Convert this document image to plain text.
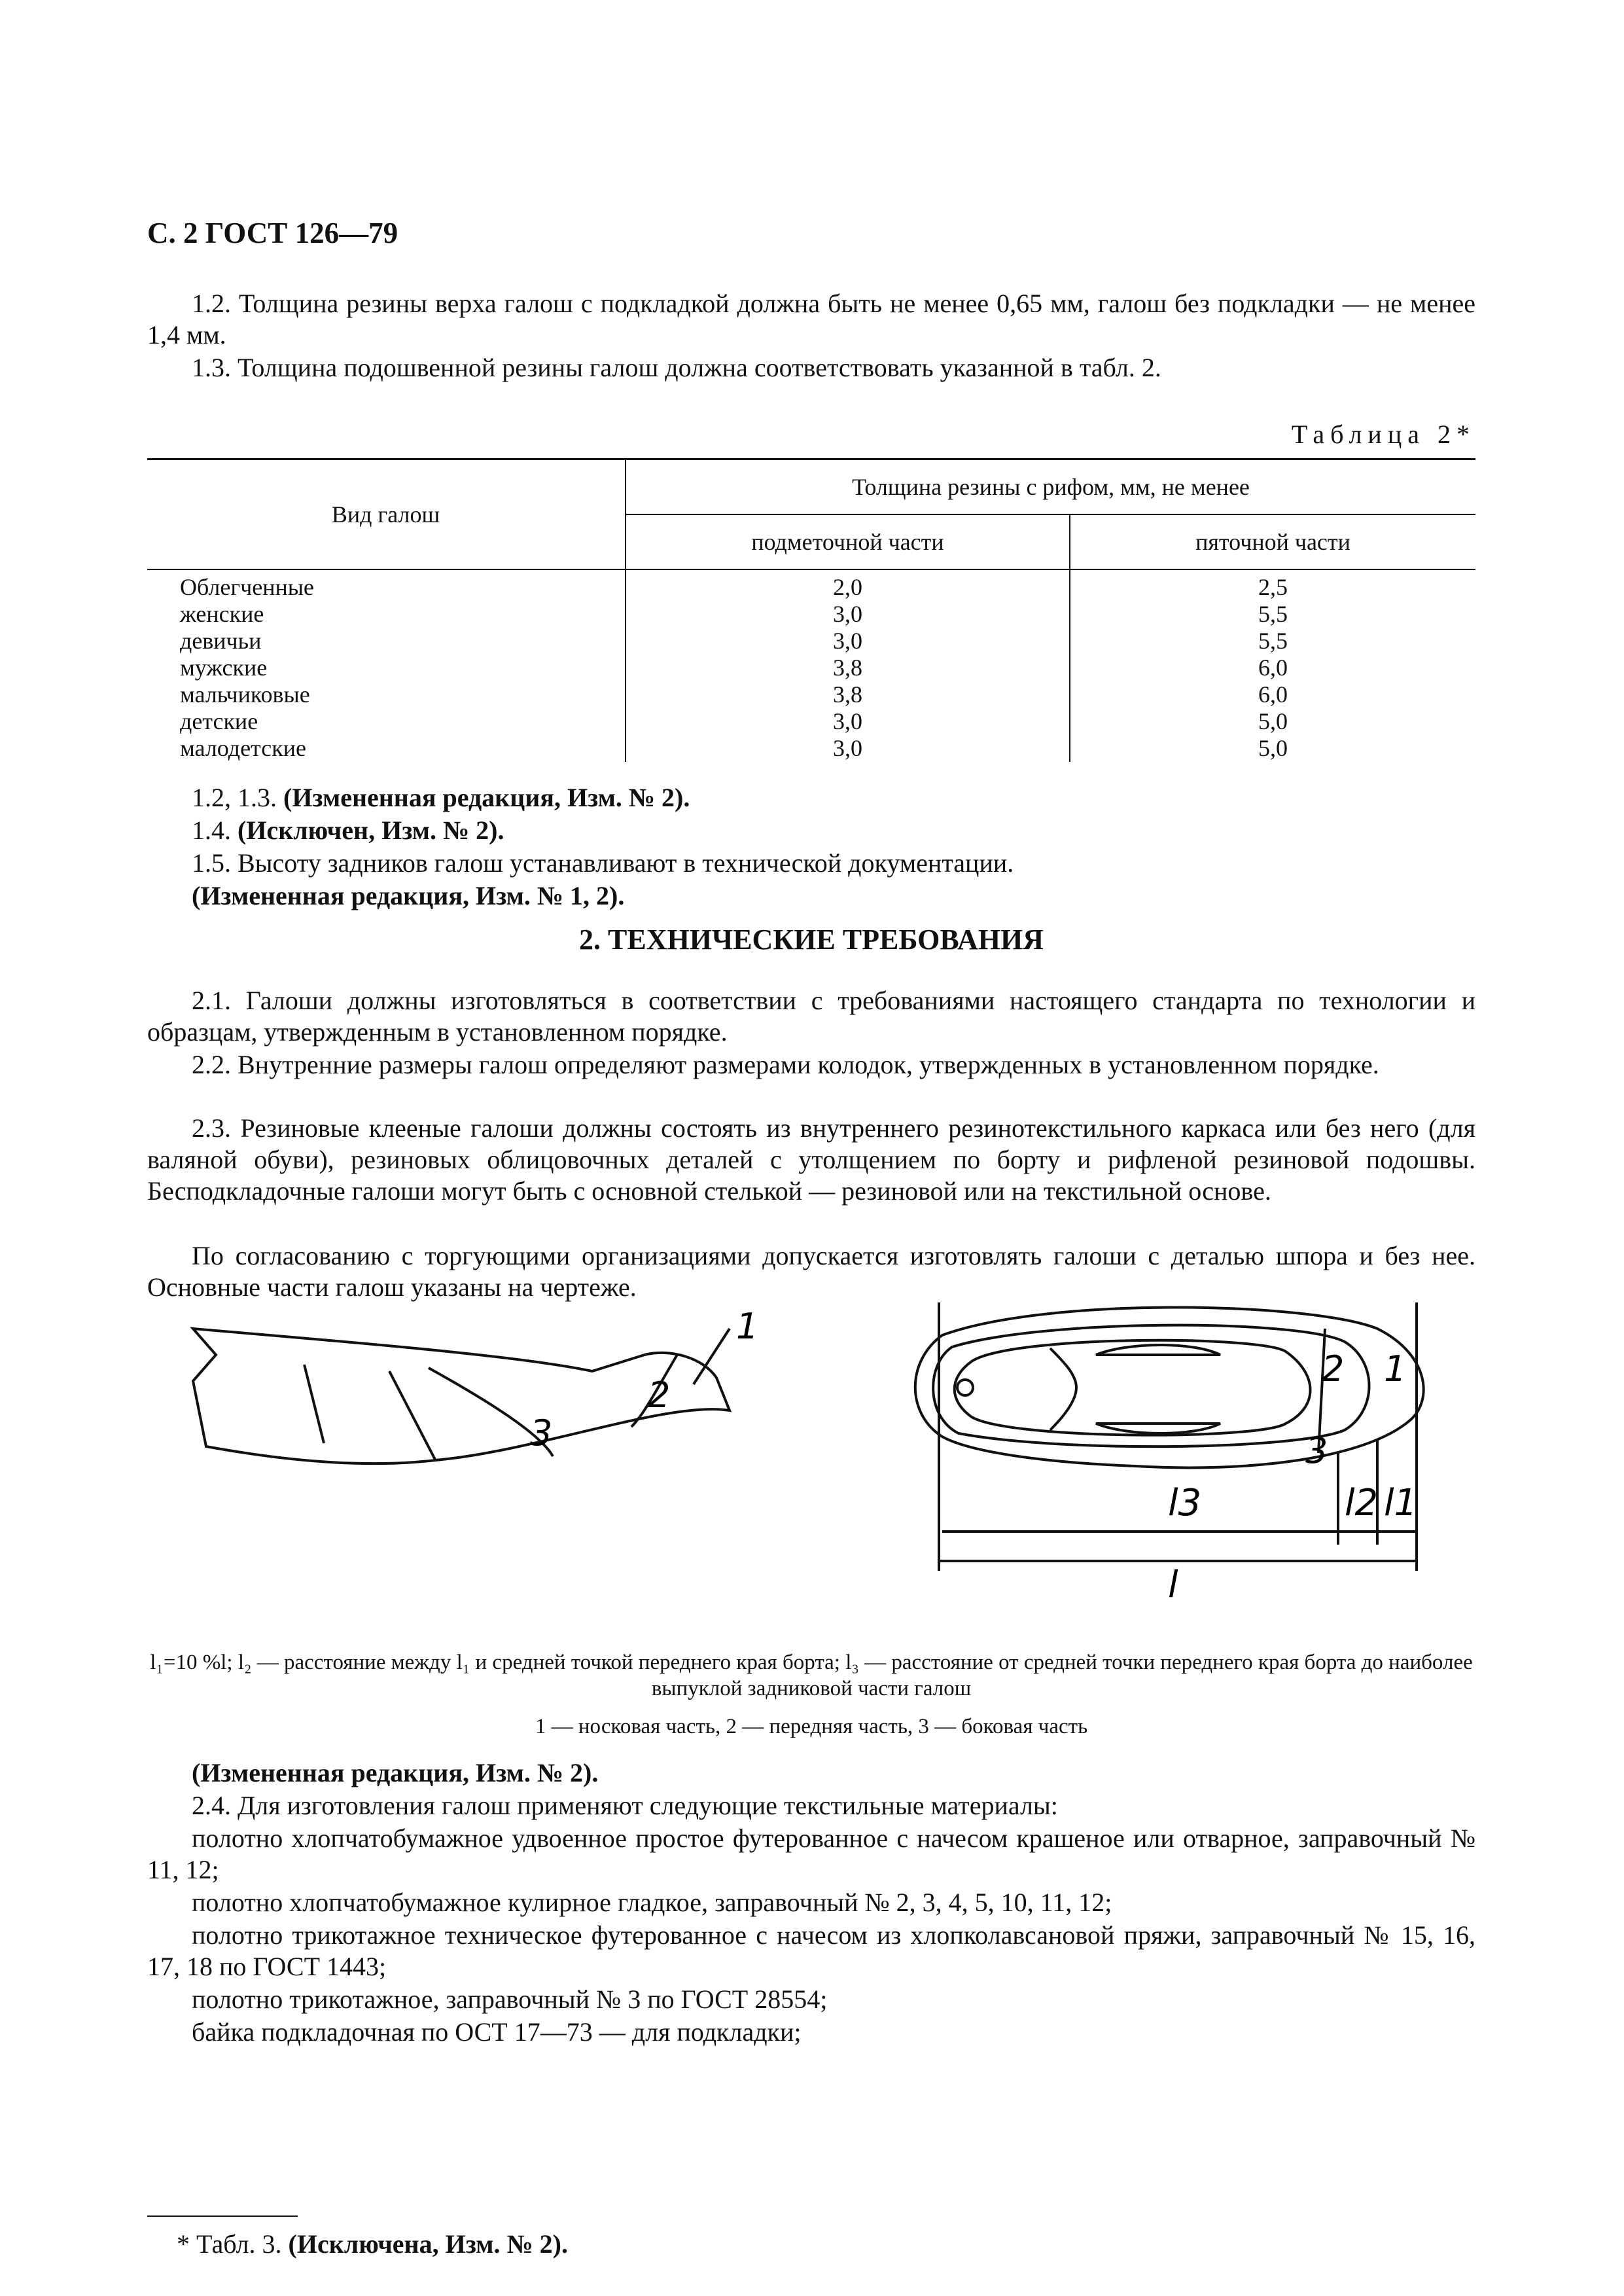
С. 2 ГОСТ 126—79
1.2. Толщина резины верха галош с подкладкой должна быть не менее 0,65 мм, галош без подкладки — не менее 1,4 мм.
1.3. Толщина подошвенной резины галош должна соответствовать указанной в табл. 2.
Таблица 2*
Вид галош	Толщина резины с рифом, мм, не менее	
	подметочной части	пяточной части
Облегченные	2,0	2,5
женские	3,0	5,5
девичьи	3,0	5,5
мужские	3,8	6,0
мальчиковые	3,8	6,0
детские	3,0	5,0
малодетские	3,0	5,0
1.2, 1.3. (Измененная редакция, Изм. № 2).
1.4. (Исключен, Изм. № 2).
1.5. Высоту задников галош устанавливают в технической документации.
(Измененная редакция, Изм. № 1, 2).
2. ТЕХНИЧЕСКИЕ ТРЕБОВАНИЯ
2.1. Галоши должны изготовляться в соответствии с требованиями настоящего стандарта по технологии и образцам, утвержденным в установленном порядке.
2.2. Внутренние размеры галош определяют размерами колодок, утвержденных в установленном порядке.
2.3. Резиновые клееные галоши должны состоять из внутреннего резинотекстильного каркаса или без него (для валяной обуви), резиновых облицовочных деталей с утолщением по борту и рифленой резиновой подошвы. Бесподкладочные галоши могут быть с основной стелькой — резиновой или на текстильной основе.
По согласованию с торгующими организациями допускается изготовлять галоши с деталью шпора и без нее. Основные части галош указаны на чертеже.
3
2
1
l3	l2 l1
l
2 1
3
l₁=10 %l; l₂ — расстояние между l₁ и средней точкой переднего края борта; l₃ — расстояние от средней точки переднего края борта до наиболее выпуклой задниковой части галош
1 — носковая часть, 2 — передняя часть, 3 — боковая часть
(Измененная редакция, Изм. № 2).
2.4. Для изготовления галош применяют следующие текстильные материалы:
полотно хлопчатобумажное удвоенное простое футерованное с начесом крашеное или отварное, заправочный № 11, 12;
полотно хлопчатобумажное кулирное гладкое, заправочный № 2, 3, 4, 5, 10, 11, 12;
полотно трикотажное техническое футерованное с начесом из хлопколавсановой пряжи, заправочный № 15, 16, 17, 18 по ГОСТ 1443;
полотно трикотажное, заправочный № 3 по ГОСТ 28554;
байка подкладочная по ОСТ 17—73 — для подкладки;
* Табл. 3. (Исключена, Изм. № 2).
